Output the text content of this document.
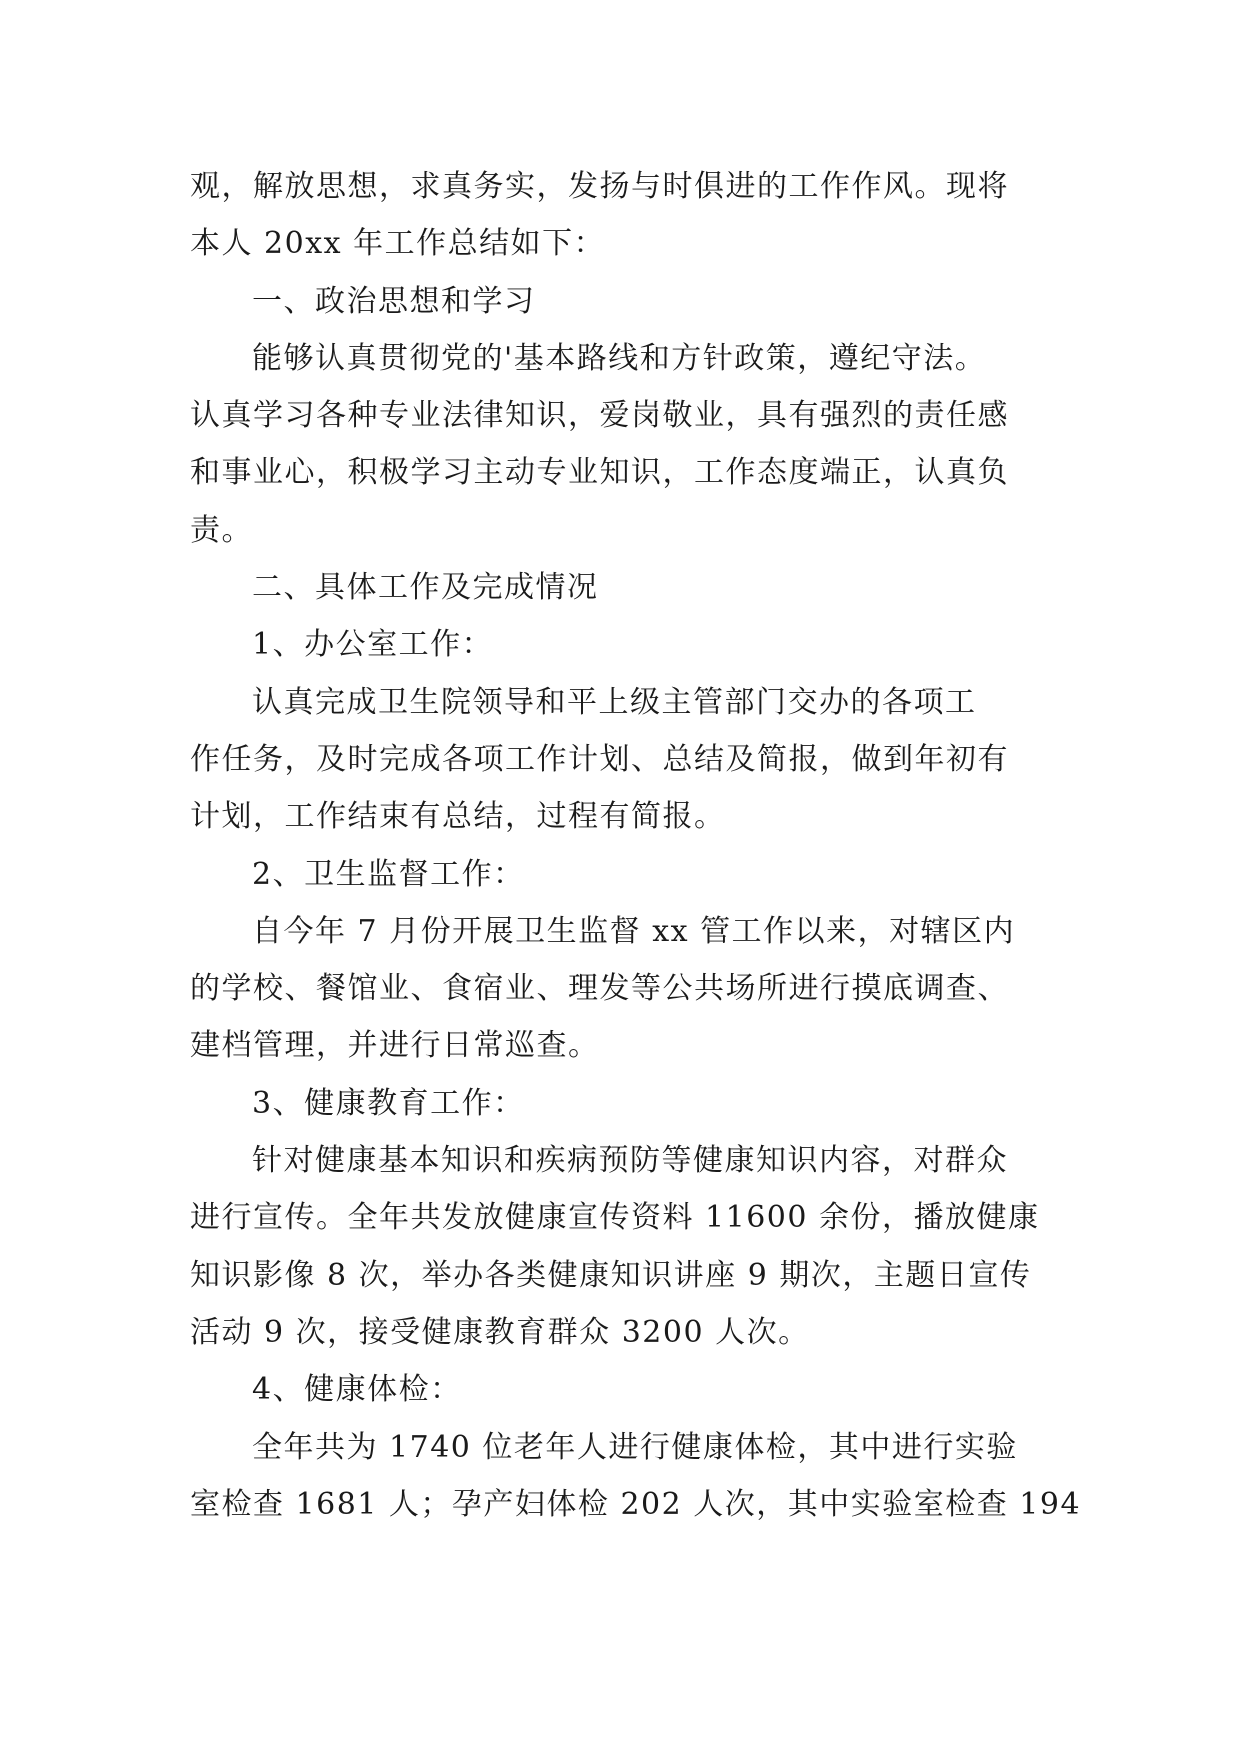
观，解放思想，求真务实，发扬与时俱进的工作作风。现将
本人 20xx 年工作总结如下：

一、政治思想和学习

能够认真贯彻党的'基本路线和方针政策，遵纪守法。
认真学习各种专业法律知识，爱岗敬业，具有强烈的责任感
和事业心，积极学习主动专业知识，工作态度端正，认真负
责。

二、具体工作及完成情况

1、办公室工作：

认真完成卫生院领导和平上级主管部门交办的各项工
作任务，及时完成各项工作计划、总结及简报，做到年初有
计划，工作结束有总结，过程有简报。

2、卫生监督工作：

自今年 7 月份开展卫生监督 xx 管工作以来，对辖区内
的学校、餐馆业、食宿业、理发等公共场所进行摸底调查、
建档管理，并进行日常巡查。

3、健康教育工作：

针对健康基本知识和疾病预防等健康知识内容，对群众
进行宣传。全年共发放健康宣传资料 11600 余份，播放健康
知识影像 8 次，举办各类健康知识讲座 9 期次，主题日宣传
活动 9 次，接受健康教育群众 3200 人次。

4、健康体检：

全年共为 1740 位老年人进行健康体检，其中进行实验
室检查 1681 人；孕产妇体检 202 人次，其中实验室检查 194
